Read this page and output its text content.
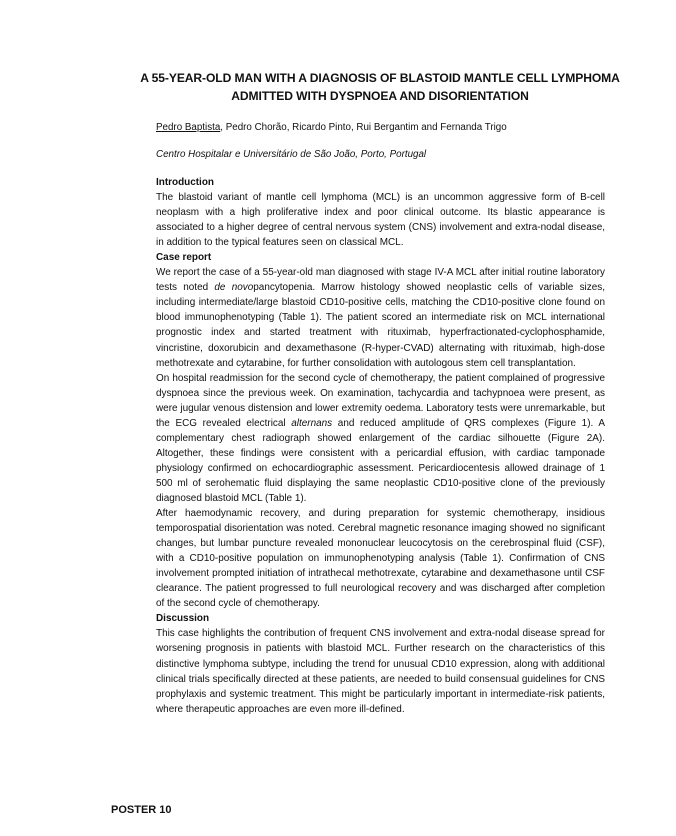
A 55-YEAR-OLD MAN WITH A DIAGNOSIS OF BLASTOID MANTLE CELL LYMPHOMA ADMITTED WITH DYSPNOEA AND DISORIENTATION
Pedro Baptista, Pedro Chorão, Ricardo Pinto, Rui Bergantim and Fernanda Trigo
Centro Hospitalar e Universitário de São João, Porto, Portugal
Introduction

The blastoid variant of mantle cell lymphoma (MCL) is an uncommon aggressive form of B-cell neoplasm with a high proliferative index and poor clinical outcome. Its blastic appearance is associated to a higher degree of central nervous system (CNS) involvement and extra-nodal disease, in addition to the typical features seen on classical MCL.

Case report

We report the case of a 55-year-old man diagnosed with stage IV-A MCL after initial routine laboratory tests noted de novopancytopenia. Marrow histology showed neoplastic cells of variable sizes, including intermediate/large blastoid CD10-positive cells, matching the CD10-positive clone found on blood immunophenotyping (Table 1). The patient scored an intermediate risk on MCL international prognostic index and started treatment with rituximab, hyperfractionated-cyclophosphamide, vincristine, doxorubicin and dexamethasone (R-hyper-CVAD) alternating with rituximab, high-dose methotrexate and cytarabine, for further consolidation with autologous stem cell transplantation.

On hospital readmission for the second cycle of chemotherapy, the patient complained of progressive dyspnoea since the previous week. On examination, tachycardia and tachypnoea were present, as were jugular venous distension and lower extremity oedema. Laboratory tests were unremarkable, but the ECG revealed electrical alternans and reduced amplitude of QRS complexes (Figure 1). A complementary chest radiograph showed enlargement of the cardiac silhouette (Figure 2A). Altogether, these findings were consistent with a pericardial effusion, with cardiac tamponade physiology confirmed on echocardiographic assessment. Pericardiocentesis allowed drainage of 1 500 ml of serohematic fluid displaying the same neoplastic CD10-positive clone of the previously diagnosed blastoid MCL (Table 1).

After haemodynamic recovery, and during preparation for systemic chemotherapy, insidious temporospatial disorientation was noted. Cerebral magnetic resonance imaging showed no significant changes, but lumbar puncture revealed mononuclear leucocytosis on the cerebrospinal fluid (CSF), with a CD10-positive population on immunophenotyping analysis (Table 1). Confirmation of CNS involvement prompted initiation of intrathecal methotrexate, cytarabine and dexamethasone until CSF clearance. The patient progressed to full neurological recovery and was discharged after completion of the second cycle of chemotherapy.

Discussion

This case highlights the contribution of frequent CNS involvement and extra-nodal disease spread for worsening prognosis in patients with blastoid MCL. Further research on the characteristics of this distinctive lymphoma subtype, including the trend for unusual CD10 expression, along with additional clinical trials specifically directed at these patients, are needed to build consensual guidelines for CNS prophylaxis and systemic treatment. This might be particularly important in intermediate-risk patients, where therapeutic approaches are even more ill-defined.

POSTER 10
